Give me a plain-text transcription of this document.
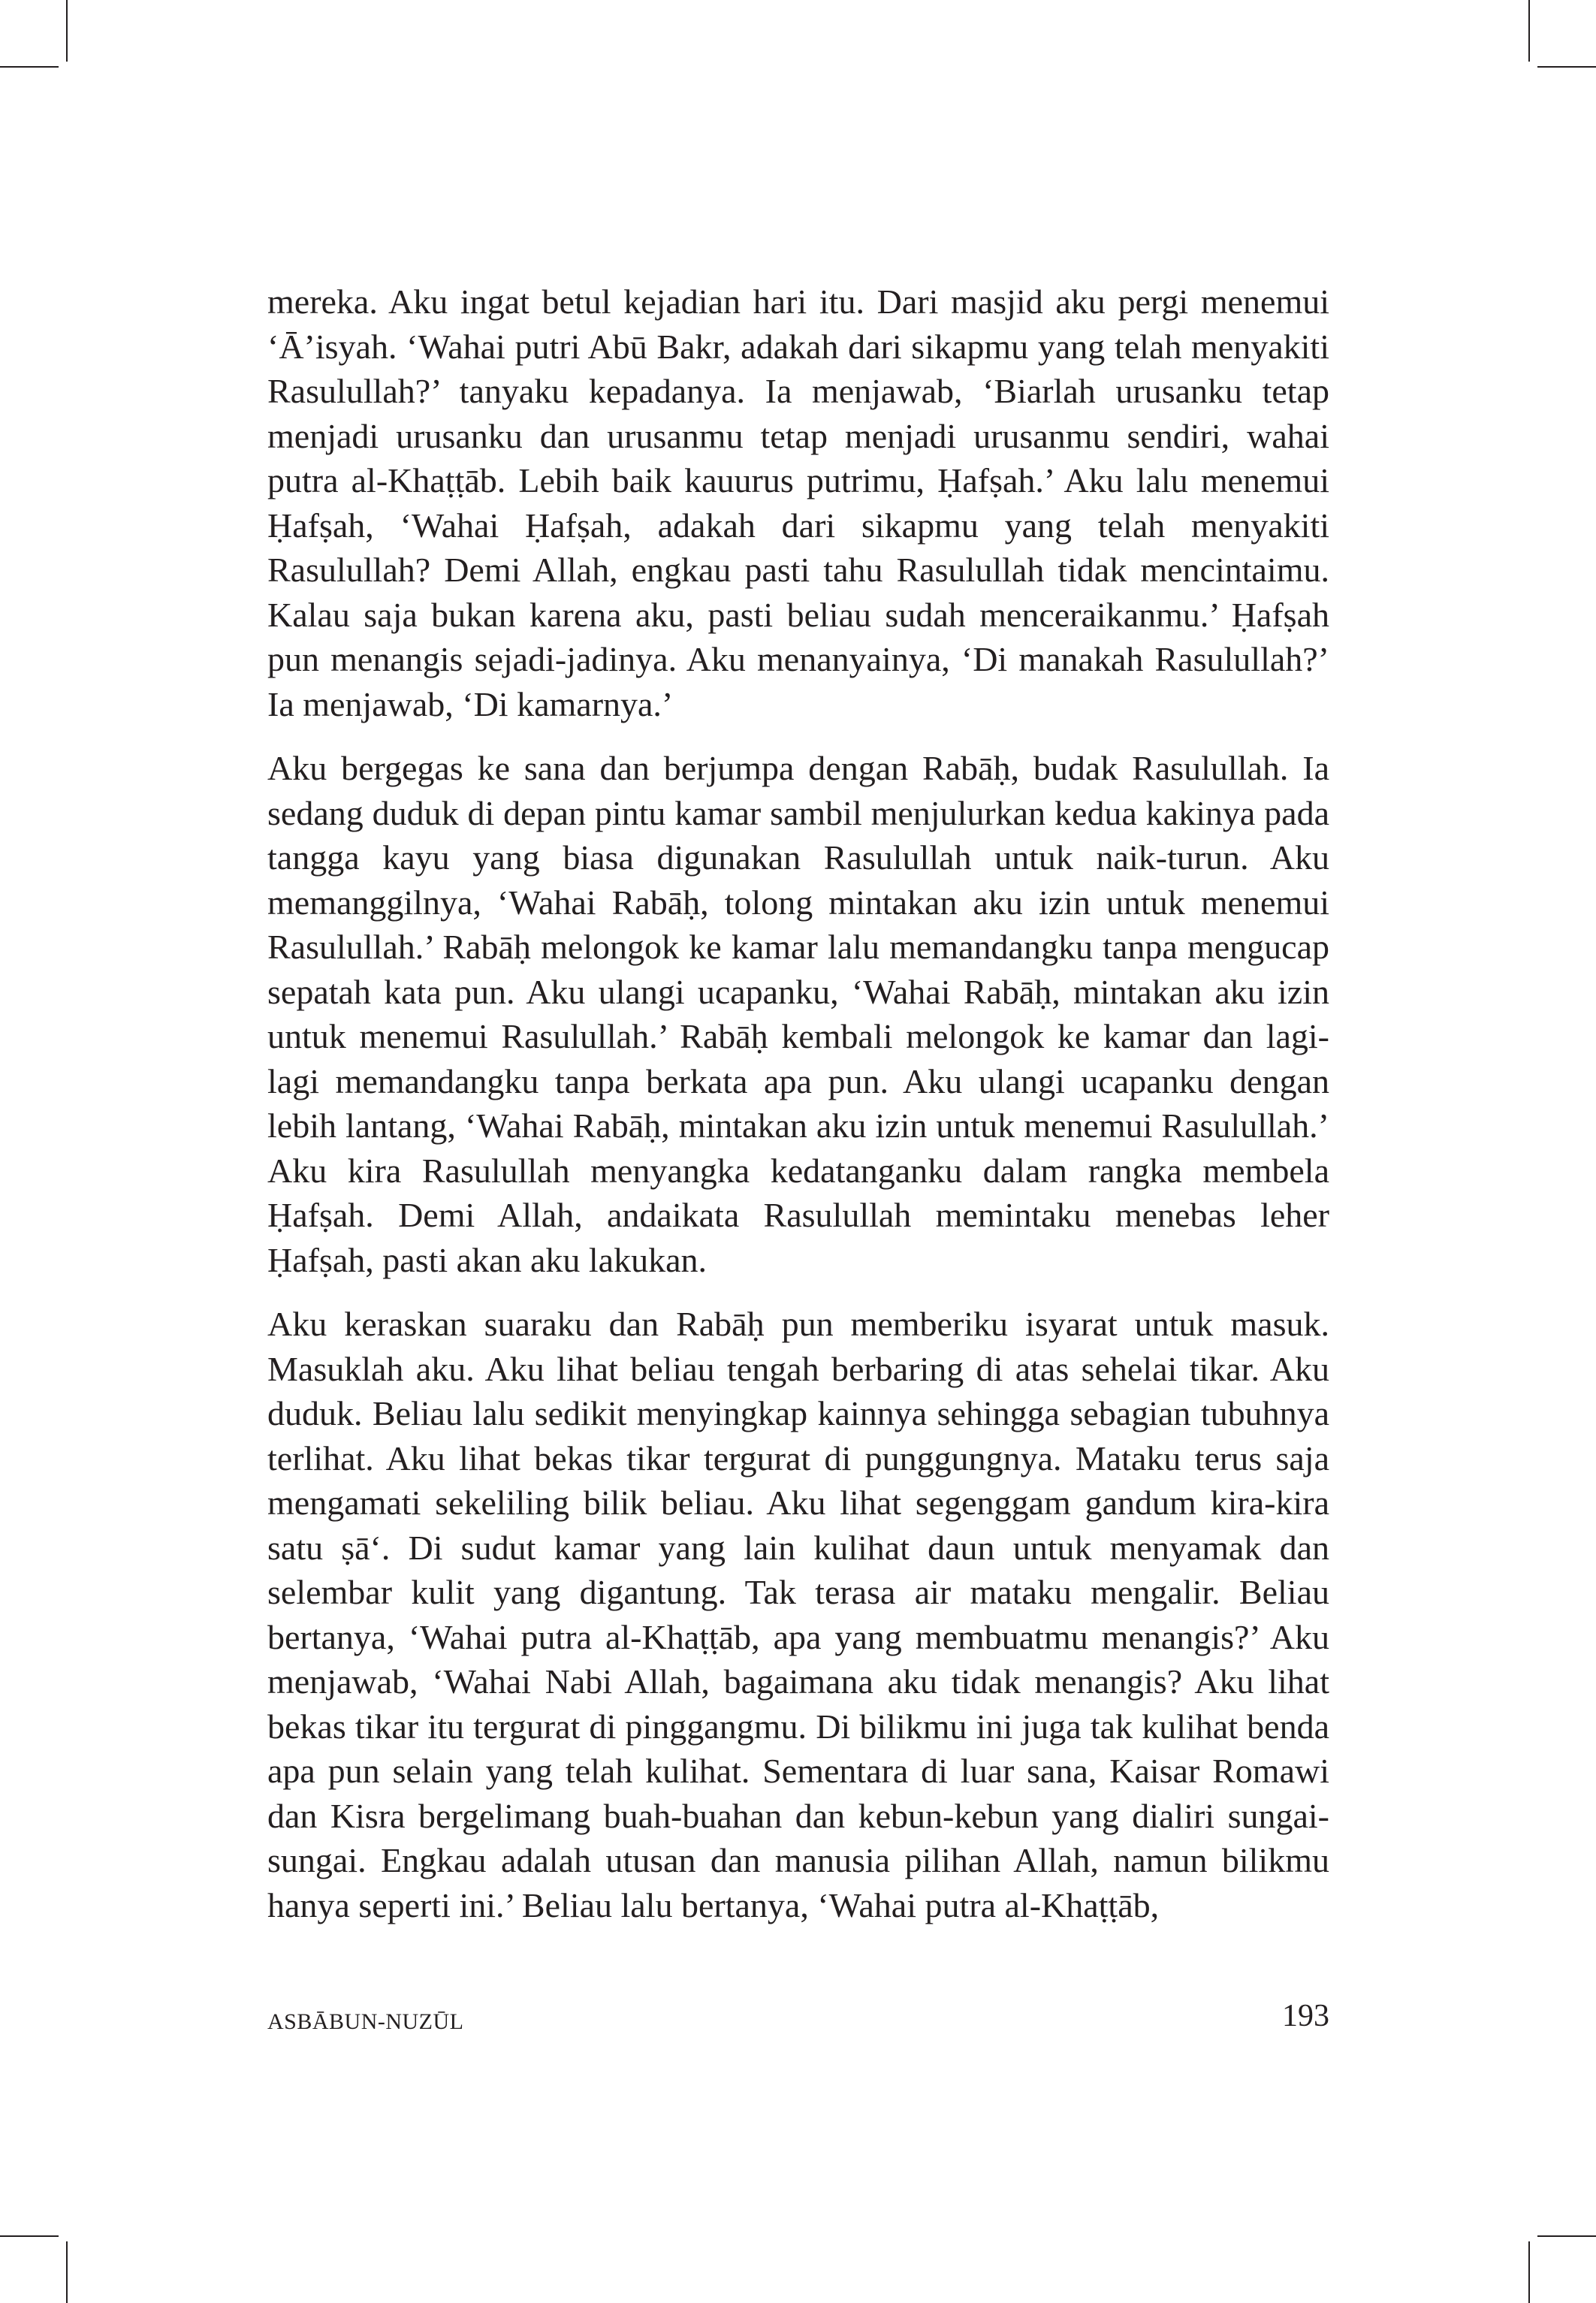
mereka. Aku ingat betul kejadian hari itu. Dari masjid aku pergi menemui ‘Ā’isyah. ‘Wahai putri Abū Bakr, adakah dari sikapmu yang telah menyakiti Rasulullah?’ tanyaku kepadanya. Ia menjawab, ‘Biarlah urusanku tetap menjadi urusanku dan urusanmu tetap menjadi urusanmu sendiri, wahai putra al-Khaṭṭāb. Lebih baik kauurus putrimu, Ḥafṣah.’ Aku lalu menemui Ḥafṣah, ‘Wahai Ḥafṣah, adakah dari sikapmu yang telah menyakiti Rasulullah? Demi Allah, engkau pasti tahu Rasulullah tidak mencintaimu. Kalau saja bukan karena aku, pasti beliau sudah menceraikanmu.’ Ḥafṣah pun menangis sejadi-jadinya. Aku menanyainya, ‘Di manakah Rasulullah?’ Ia menjawab, ‘Di kamarnya.’

Aku bergegas ke sana dan berjumpa dengan Rabāḥ, budak Rasulullah. Ia sedang duduk di depan pintu kamar sambil menjulurkan kedua kakinya pada tangga kayu yang biasa digunakan Rasulullah untuk naik-turun. Aku memanggilnya, ‘Wahai Rabāḥ, tolong mintakan aku izin untuk menemui Rasulullah.’ Rabāḥ melongok ke kamar lalu memandangku tanpa mengucap sepatah kata pun. Aku ulangi ucapanku, ‘Wahai Rabāḥ, mintakan aku izin untuk menemui Rasulullah.’ Rabāḥ kembali melongok ke kamar dan lagi-lagi memandangku tanpa berkata apa pun. Aku ulangi ucapanku dengan lebih lantang, ‘Wahai Rabāḥ, mintakan aku izin untuk menemui Rasulullah.’ Aku kira Rasulullah menyangka kedatanganku dalam rangka membela Ḥafṣah. Demi Allah, andaikata Rasulullah memintaku menebas leher Ḥafṣah, pasti akan aku lakukan.

Aku keraskan suaraku dan Rabāḥ pun memberiku isyarat untuk masuk. Masuklah aku. Aku lihat beliau tengah berbaring di atas sehelai tikar. Aku duduk. Beliau lalu sedikit menyingkap kainnya sehingga sebagian tubuhnya terlihat. Aku lihat bekas tikar tergurat di punggungnya. Mataku terus saja mengamati sekeliling bilik beliau. Aku lihat segenggam gandum kira-kira satu ṣā‘. Di sudut kamar yang lain kulihat daun untuk menyamak dan selembar kulit yang digantung. Tak terasa air mataku mengalir. Beliau bertanya, ‘Wahai putra al-Khaṭṭāb, apa yang membuatmu menangis?’ Aku menjawab, ‘Wahai Nabi Allah, bagaimana aku tidak menangis? Aku lihat bekas tikar itu tergurat di pinggangmu. Di bilikmu ini juga tak kulihat benda apa pun selain yang telah kulihat. Sementara di luar sana, Kaisar Romawi dan Kisra bergelimang buah-buahan dan kebun-kebun yang dialiri sungai-sungai. Engkau adalah utusan dan manusia pilihan Allah, namun bilikmu hanya seperti ini.’ Beliau lalu bertanya, ‘Wahai putra al-Khaṭṭāb,

ASBĀBUN-NUZŪL	193
